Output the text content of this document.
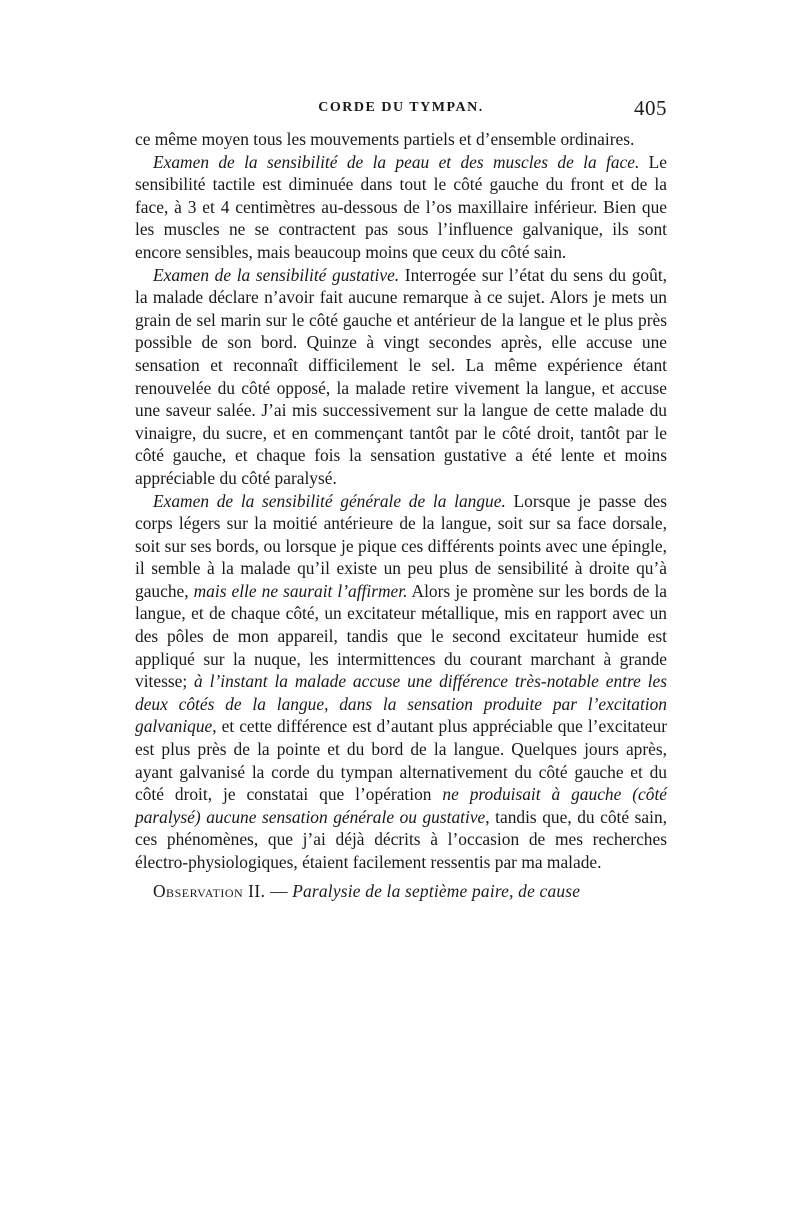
CORDE DU TYMPAN.	405

ce même moyen tous les mouvements partiels et d’ensemble ordinaires.

Examen de la sensibilité de la peau et des muscles de la face. Le sensibilité tactile est diminuée dans tout le côté gauche du front et de la face, à 3 et 4 centimètres au-dessous de l’os maxillaire inférieur. Bien que les muscles ne se contractent pas sous l’influence galvanique, ils sont encore sensibles, mais beaucoup moins que ceux du côté sain.

Examen de la sensibilité gustative. Interrogée sur l’état du sens du goût, la malade déclare n’avoir fait aucune remarque à ce sujet. Alors je mets un grain de sel marin sur le côté gauche et antérieur de la langue et le plus près possible de son bord. Quinze à vingt secondes après, elle accuse une sensation et reconnaît difficilement le sel. La même expérience étant renouvelée du côté opposé, la malade retire vivement la langue, et accuse une saveur salée. J’ai mis successivement sur la langue de cette malade du vinaigre, du sucre, et en commençant tantôt par le côté droit, tantôt par le côté gauche, et chaque fois la sensation gustative a été lente et moins appréciable du côté paralysé.

Examen de la sensibilité générale de la langue. Lorsque je passe des corps légers sur la moitié antérieure de la langue, soit sur sa face dorsale, soit sur ses bords, ou lorsque je pique ces différents points avec une épingle, il semble à la malade qu’il existe un peu plus de sensibilité à droite qu’à gauche, mais elle ne saurait l’affirmer. Alors je promène sur les bords de la langue, et de chaque côté, un excitateur métallique, mis en rapport avec un des pôles de mon appareil, tandis que le second excitateur humide est appliqué sur la nuque, les intermittences du courant marchant à grande vitesse; à l’instant la malade accuse une différence très-notable entre les deux côtés de la langue, dans la sensation produite par l’excitation galvanique, et cette différence est d’autant plus appréciable que l’excitateur est plus près de la pointe et du bord de la langue. Quelques jours après, ayant galvanisé la corde du tympan alternativement du côté gauche et du côté droit, je constatai que l’opération ne produisait à gauche (côté paralysé) aucune sensation générale ou gustative, tandis que, du côté sain, ces phénomènes, que j’ai déjà décrits à l’occasion de mes recherches électro-physiologiques, étaient facilement ressentis par ma malade.

Observation II. — Paralysie de la septième paire, de cause
